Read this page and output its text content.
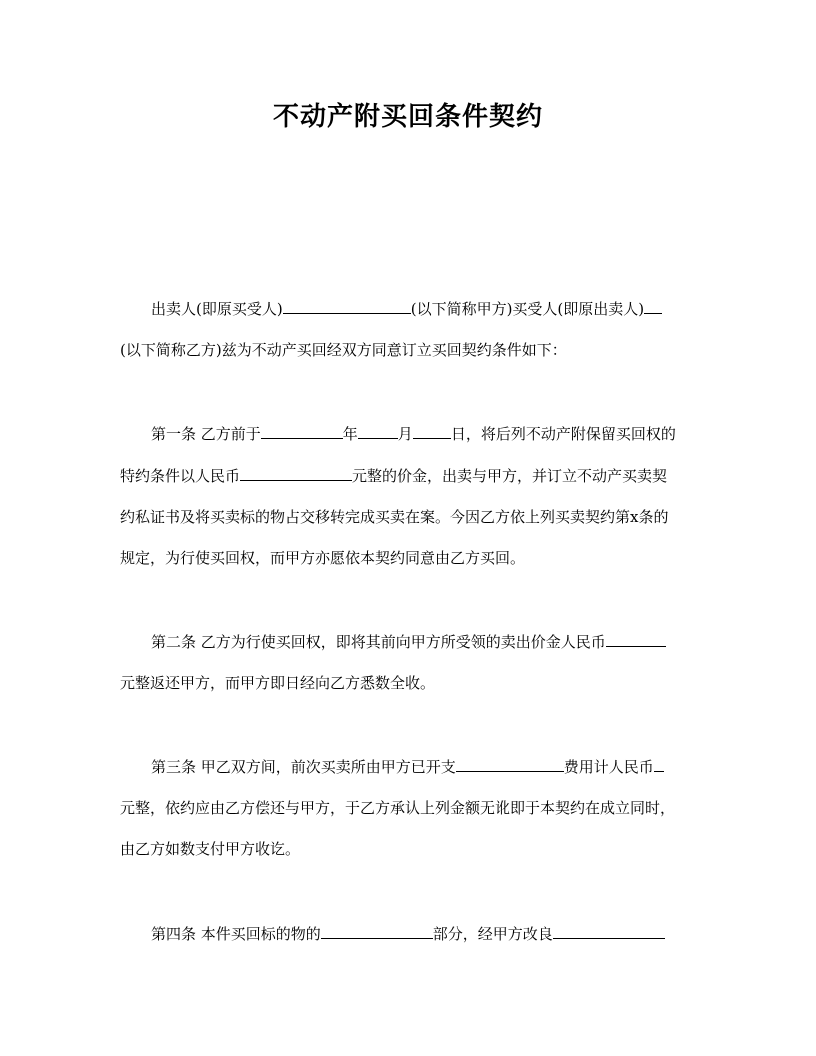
不动产附买回条件契约
出卖人(即原买受人)	(以下简称甲方)买受人(即原出卖人)
(以下简称乙方)兹为不动产买回经双方同意订立买回契约条件如下：
第一条 乙方前于	年	月	日，将后列不动产附保留买回权的
特约条件以人民币	元整的价金，出卖与甲方，并订立不动产买卖契
约私证书及将买卖标的物占交移转完成买卖在案。今因乙方依上列买卖契约第x条的
规定，为行使买回权，而甲方亦愿依本契约同意由乙方买回。
第二条 乙方为行使买回权，即将其前向甲方所受领的卖出价金人民币
元整返还甲方，而甲方即日经向乙方悉数全收。
第三条 甲乙双方间，前次买卖所由甲方已开支	费用计人民币
元整，依约应由乙方偿还与甲方，于乙方承认上列金额无讹即于本契约在成立同时，
由乙方如数支付甲方收讫。
第四条 本件买回标的物的	部分，经甲方改良
